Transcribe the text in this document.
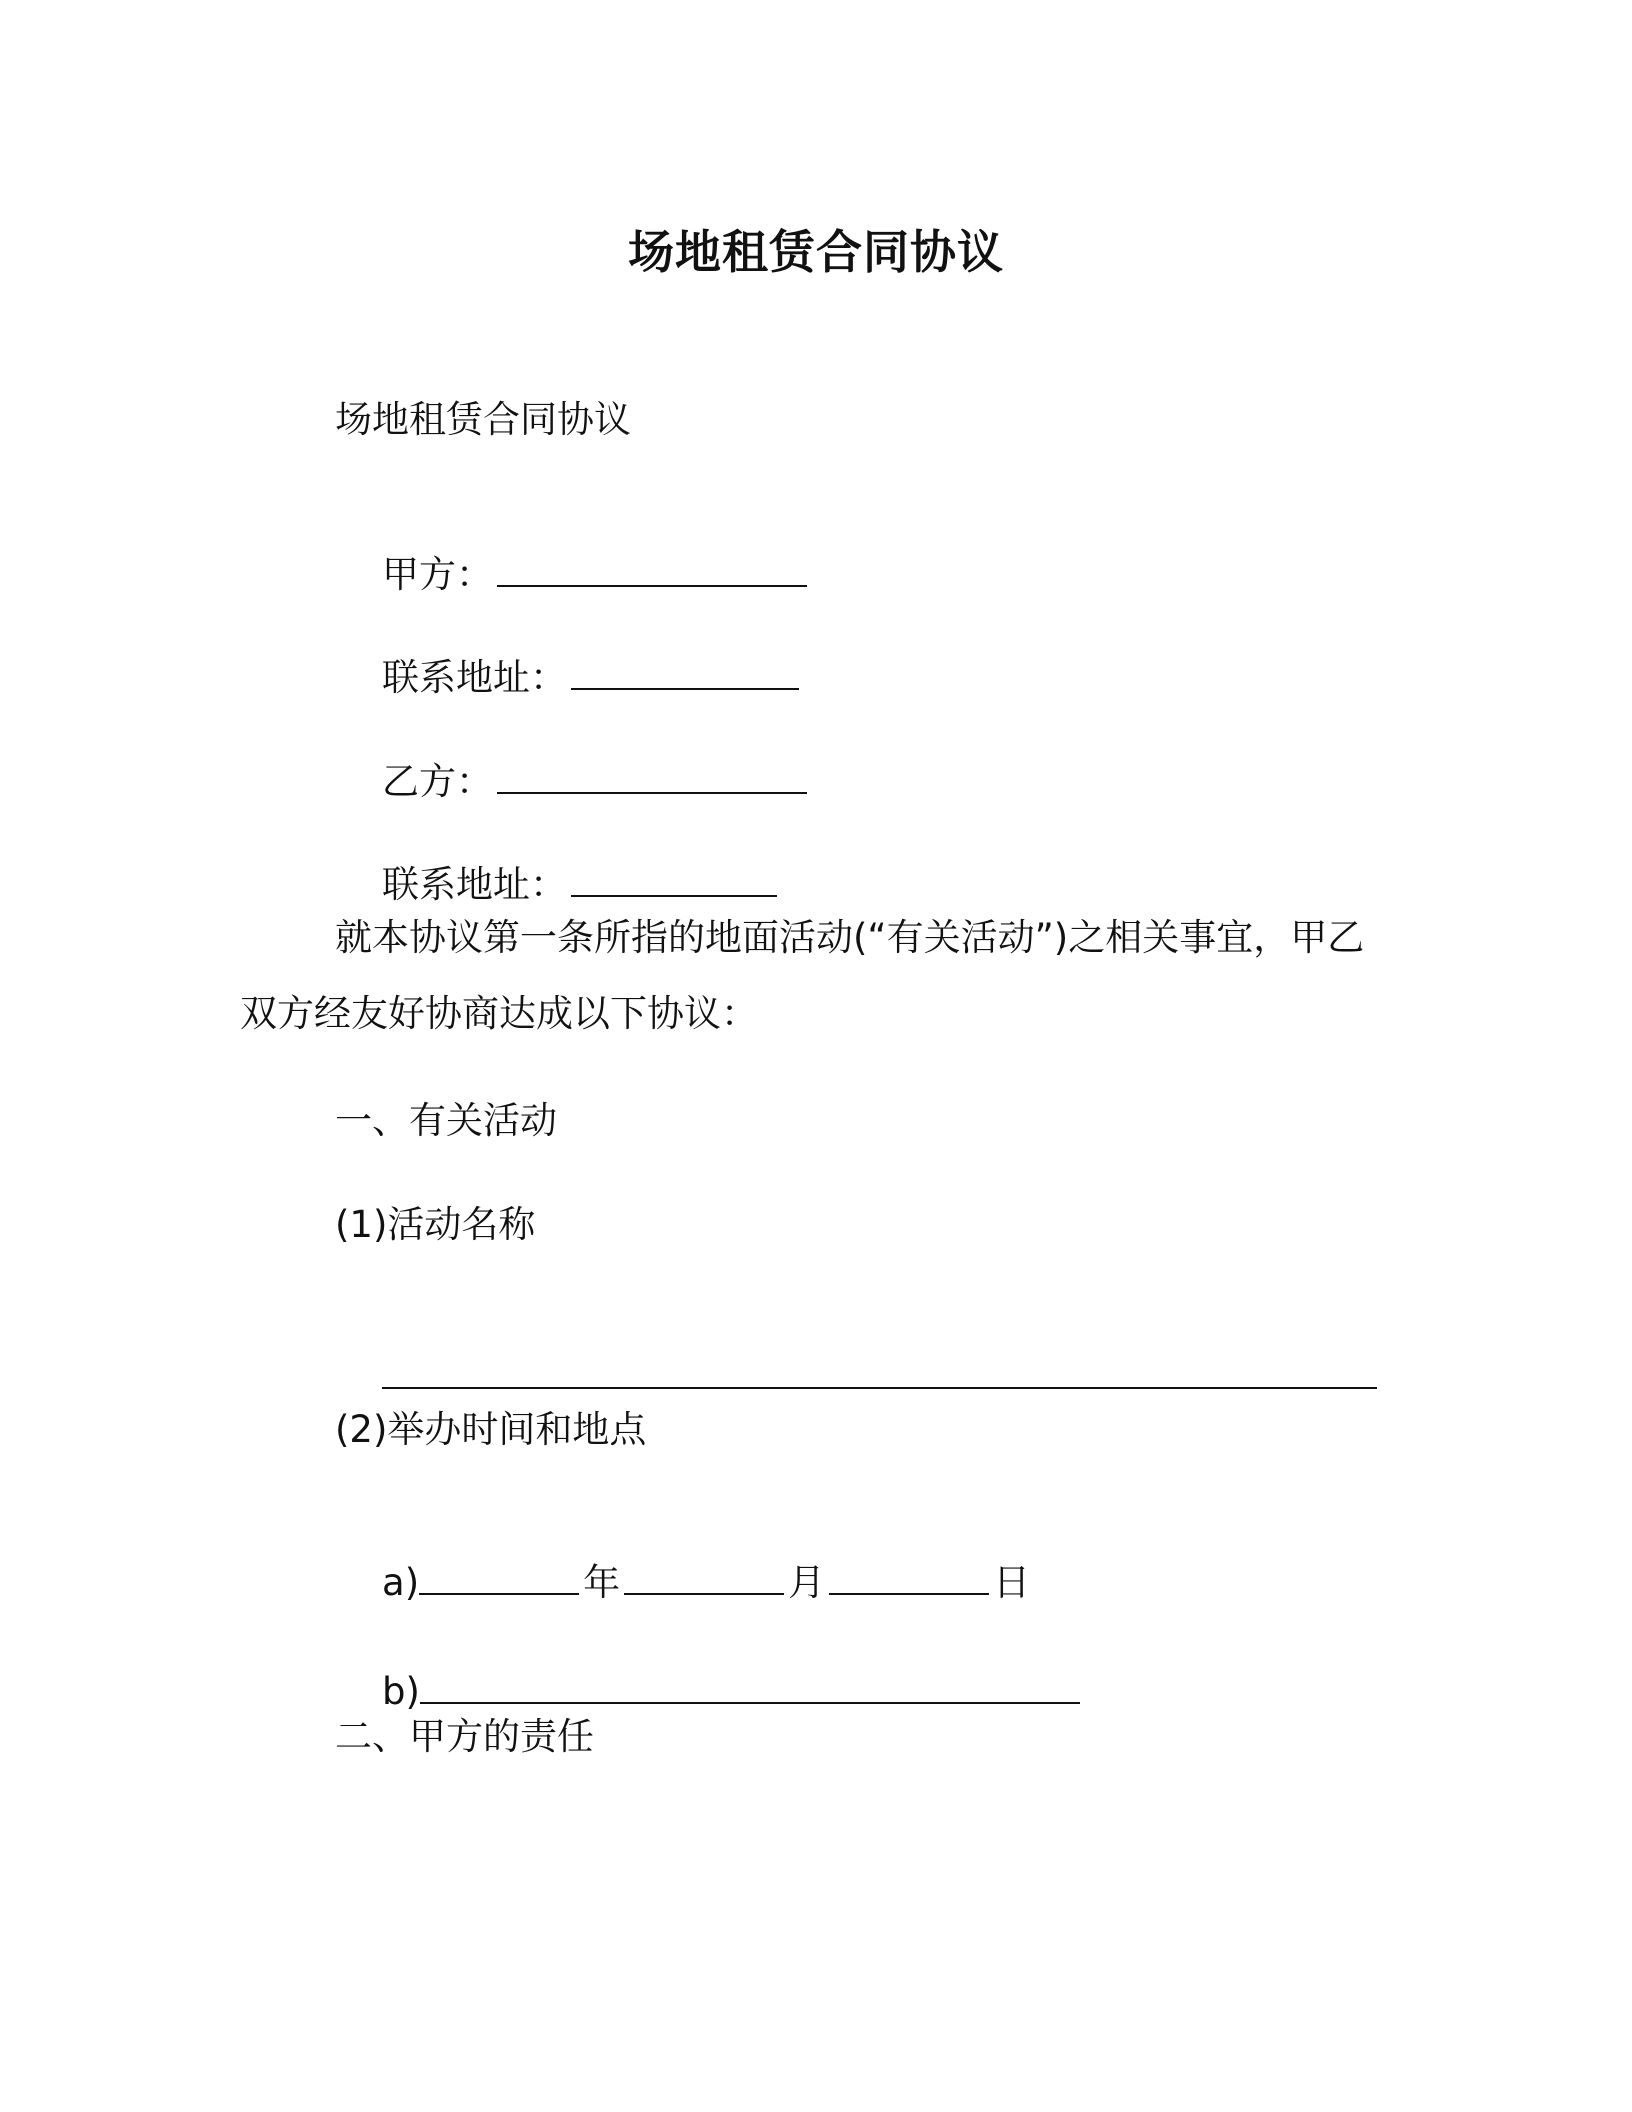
场地租赁合同协议
场地租赁合同协议

甲方：

联系地址：

乙方：

联系地址：

就本协议第一条所指的地面活动(“有关活动”)之相关事宜，甲乙双方经友好协商达成以下协议：
一、有关活动
(1)活动名称

(2)举办时间和地点

a)	年	月	日

b)

二、甲方的责任
